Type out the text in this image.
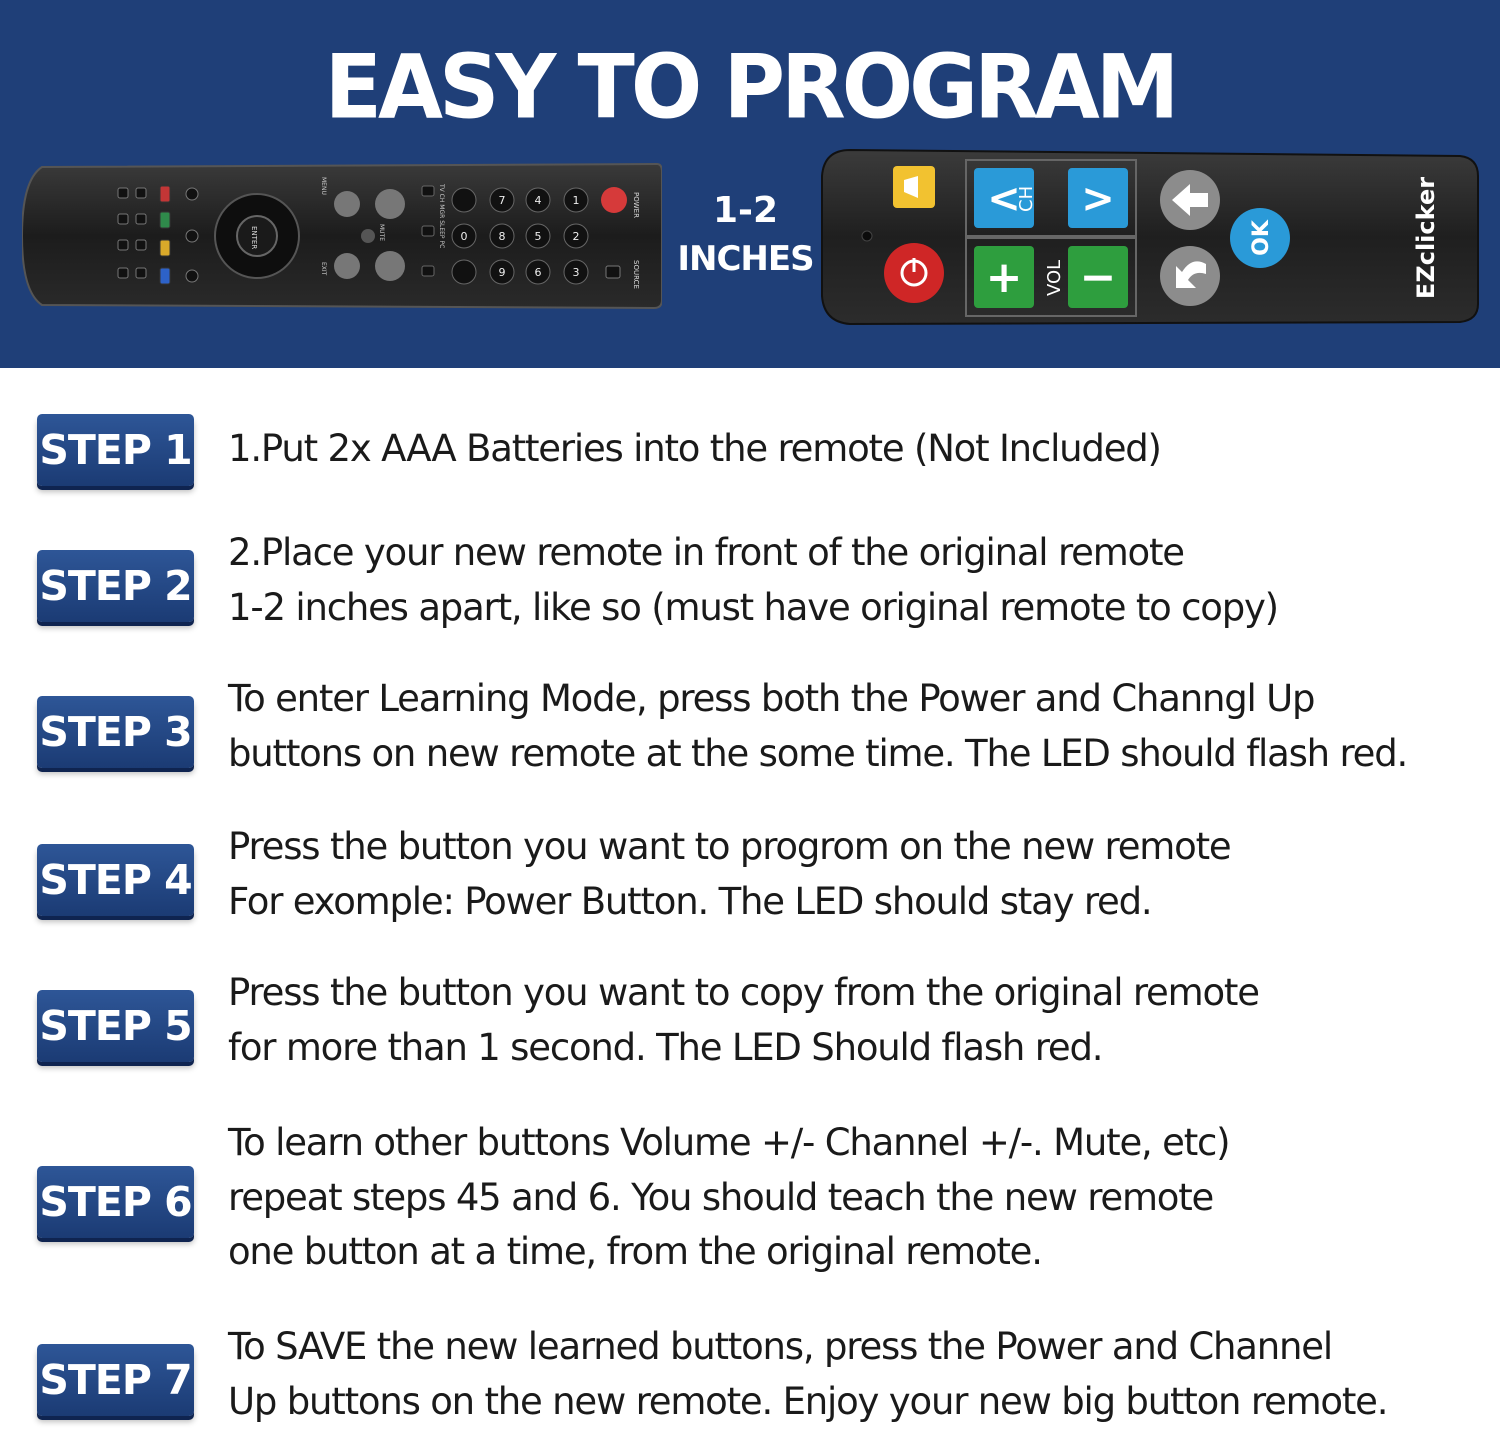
EASY TO PROGRAM
POWER
SOURCE
1
2
3
4
5
6
7
8
9
0
TV CH MGR SLEEP PC
MUTE
MENU
EXIT
ENTER
1-2
INCHES
< >
CH
+ −
VOL
OK	EZclicker
STEP 1 1.Put 2x AAA Batteries into the remote (Not Included)
STEP 2
2.Place your new remote in front of the original remote
1-2 inches apart, like so (must have original remote to copy)
STEP 3
To enter Learning Mode, press both the Power and Channgl Up
buttons on new remote at the some time. The LED should flash red.
STEP 4
Press the button you want to progrom on the new remote
For exomple: Power Button. The LED should stay red.
STEP 5
Press the button you want to copy from the original remote
for more than 1 second. The LED Should flash red.
STEP 6
To learn other buttons Volume +/- Channel +/-. Mute, etc)
repeat steps 45 and 6. You should teach the new remote
one button at a time, from the original remote.
STEP 7
To SAVE the new learned buttons, press the Power and Channel
Up buttons on the new remote. Enjoy your new big button remote.
